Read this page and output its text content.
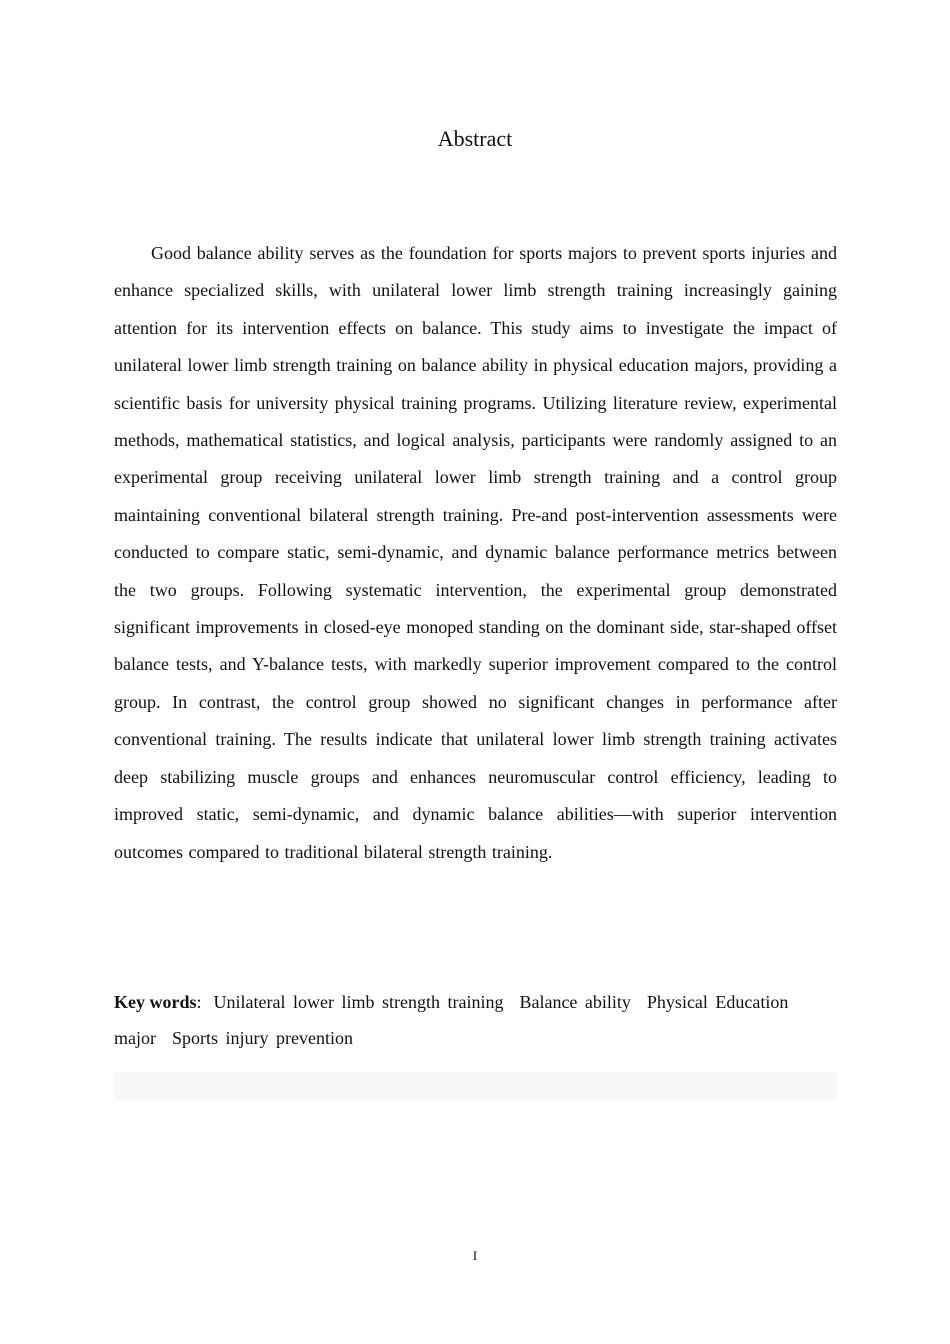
Abstract

Good balance ability serves as the foundation for sports majors to prevent sports injuries and enhance specialized skills, with unilateral lower limb strength training increasingly gaining attention for its intervention effects on balance. This study aims to investigate the impact of unilateral lower limb strength training on balance ability in physical education majors, providing a scientific basis for university physical training programs. Utilizing literature review, experimental methods, mathematical statistics, and logical analysis, participants were randomly assigned to an experimental group receiving unilateral lower limb strength training and a control group maintaining conventional bilateral strength training. Pre-and post-intervention assessments were conducted to compare static, semi-dynamic, and dynamic balance performance metrics between the two groups. Following systematic intervention, the experimental group demonstrated significant improvements in closed-eye monoped standing on the dominant side, star-shaped offset balance tests, and Y-balance tests, with markedly superior improvement compared to the control group. In contrast, the control group showed no significant changes in performance after conventional training. The results indicate that unilateral lower limb strength training activates deep stabilizing muscle groups and enhances neuromuscular control efficiency, leading to improved static, semi-dynamic, and dynamic balance abilities—with superior intervention outcomes compared to traditional bilateral strength training.

Key words: Unilateral lower limb strength training Balance ability Physical Education major Sports injury prevention
I
